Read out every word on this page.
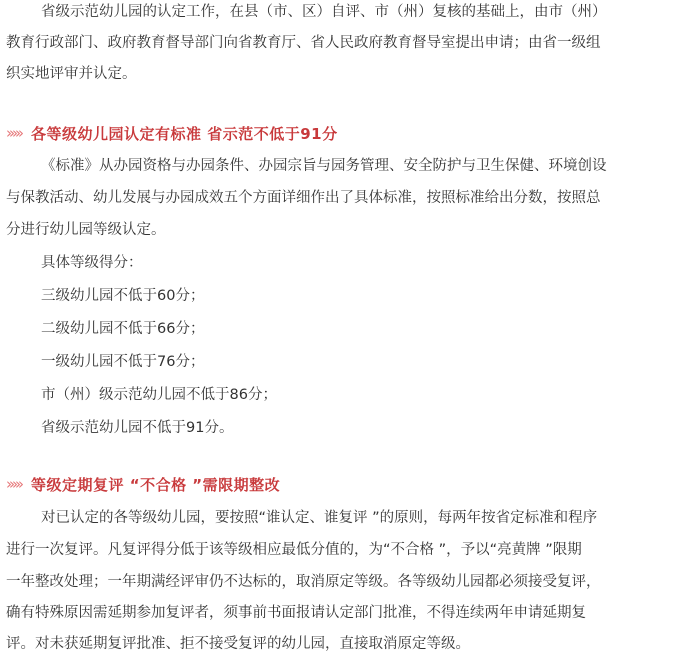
省级示范幼儿园的认定工作，在县（市、区）自评、市（州）复核的基础上，由市（州）
教育行政部门、政府教育督导部门向省教育厅、省人民政府教育督导室提出申请；由省一级组
织实地评审并认定。
››››› 各等级幼儿园认定有标准 省示范不低于91分
《标准》从办园资格与办园条件、办园宗旨与园务管理、安全防护与卫生保健、环境创设
与保教活动、幼儿发展与办园成效五个方面详细作出了具体标准，按照标准给出分数，按照总
分进行幼儿园等级认定。
具体等级得分：
三级幼儿园不低于60分；
二级幼儿园不低于66分；
一级幼儿园不低于76分；
市（州）级示范幼儿园不低于86分；
省级示范幼儿园不低于91分。
››››› 等级定期复评 “不合格 ”需限期整改
对已认定的各等级幼儿园，要按照“谁认定、谁复评 ”的原则，每两年按省定标准和程序
进行一次复评。凡复评得分低于该等级相应最低分值的，为“不合格 ”，予以“亮黄牌 ”限期
一年整改处理；一年期满经评审仍不达标的，取消原定等级。各等级幼儿园都必须接受复评，
确有特殊原因需延期参加复评者，须事前书面报请认定部门批准，不得连续两年申请延期复
评。对未获延期复评批准、拒不接受复评的幼儿园，直接取消原定等级。
